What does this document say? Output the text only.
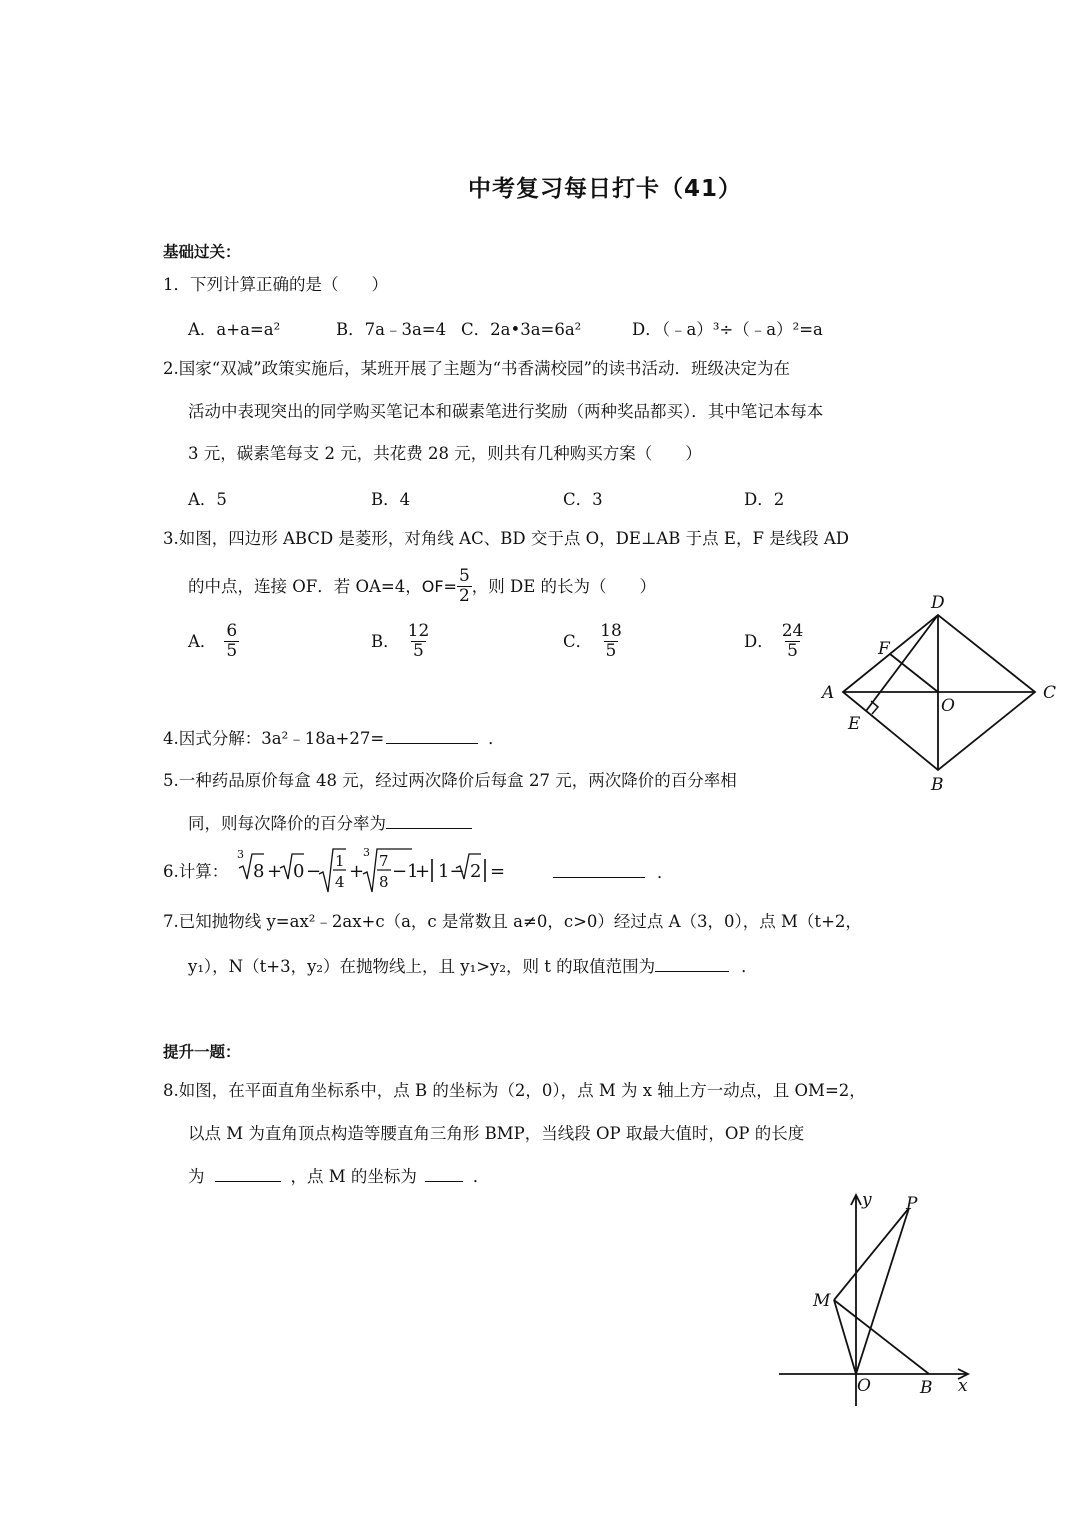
中考复习每日打卡（41）
基础过关：
1．下列计算正确的是（　　）
A．a+a=a²	B．7a﹣3a=4 C．2a•3a=6a²	D．（﹣a）³÷（﹣a）²=a
2.国家“双减”政策实施后，某班开展了主题为“书香满校园”的读书活动．班级决定为在
活动中表现突出的同学购买笔记本和碳素笔进行奖励（两种奖品都买）．其中笔记本每本
3 元，碳素笔每支 2 元，共花费 28 元，则共有几种购买方案（　　）
A．5	B．4	C．3	D．2
3.如图，四边形 ABCD 是菱形，对角线 AC、BD 交于点 O，DE⊥AB 于点 E，F 是线段 AD
的中点，连接 OF．若 OA=4， $OF= \frac{5}{2}$ ，则 DE 的长为（　　）
A． $\frac{6}{5}$	B． $\frac{12}{5}$	C． $\frac{18}{5}$	D． $\frac{24}{5}$
A
D
C
B
O
E
F
4.因式分解：3a²﹣18a+27=	．
5.一种药品原价每盒 48 元，经过两次降价后每盒 27 元，两次降价的百分率相
同，则每次降价的百分率为
6.计算：
3
8 + 0 − 1
4 +
3 7
8 −1
+ 1− 2 =	．
7.已知抛物线 y=ax²﹣2ax+c（a，c 是常数且 a≠0，c>0）经过点 A（3，0），点 M（t+2，
y₁），N（t+3，y₂）在抛物线上，且 y₁>y₂，则 t 的取值范围为	．
提升一题：
8.如图，在平面直角坐标系中，点 B 的坐标为（2，0），点 M 为 x 轴上方一动点，且 OM=2，
以点 M 为直角顶点构造等腰直角三角形 BMP，当线段 OP 取最大值时，OP 的长度
为	，点 M 的坐标为	．
y
x
P
M
O	B
